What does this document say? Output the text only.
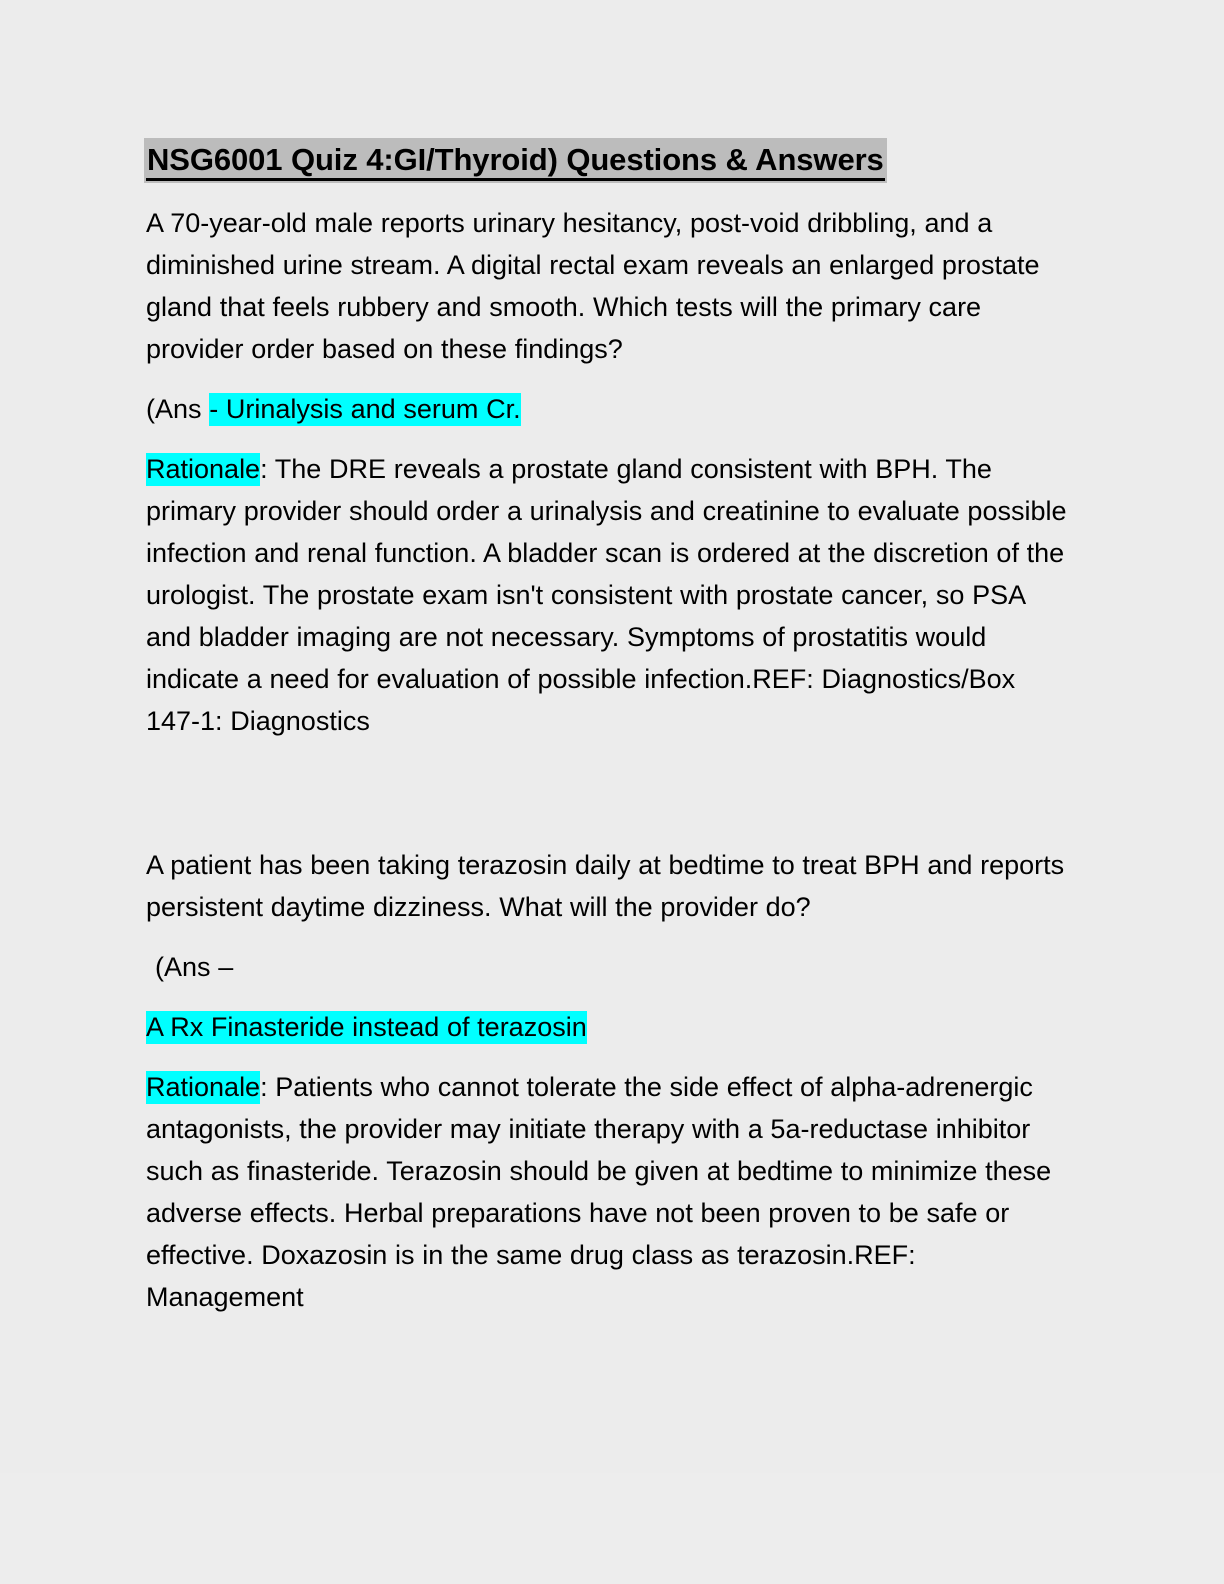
NSG6001 Quiz 4:GI/Thyroid) Questions & Answers

A 70-year-old male reports urinary hesitancy, post-void dribbling, and a diminished urine stream. A digital rectal exam reveals an enlarged prostate gland that feels rubbery and smooth. Which tests will the primary care provider order based on these findings?

(Ans - Urinalysis and serum Cr.

Rationale: The DRE reveals a prostate gland consistent with BPH. The primary provider should order a urinalysis and creatinine to evaluate possible infection and renal function. A bladder scan is ordered at the discretion of the urologist. The prostate exam isn't consistent with prostate cancer, so PSA and bladder imaging are not necessary. Symptoms of prostatitis would indicate a need for evaluation of possible infection.REF: Diagnostics/Box 147-1: Diagnostics

A patient has been taking terazosin daily at bedtime to treat BPH and reports persistent daytime dizziness. What will the provider do?

(Ans –

A Rx Finasteride instead of terazosin

Rationale: Patients who cannot tolerate the side effect of alpha-adrenergic antagonists, the provider may initiate therapy with a 5a-reductase inhibitor such as finasteride. Terazosin should be given at bedtime to minimize these adverse effects. Herbal preparations have not been proven to be safe or effective. Doxazosin is in the same drug class as terazosin.REF: Management
